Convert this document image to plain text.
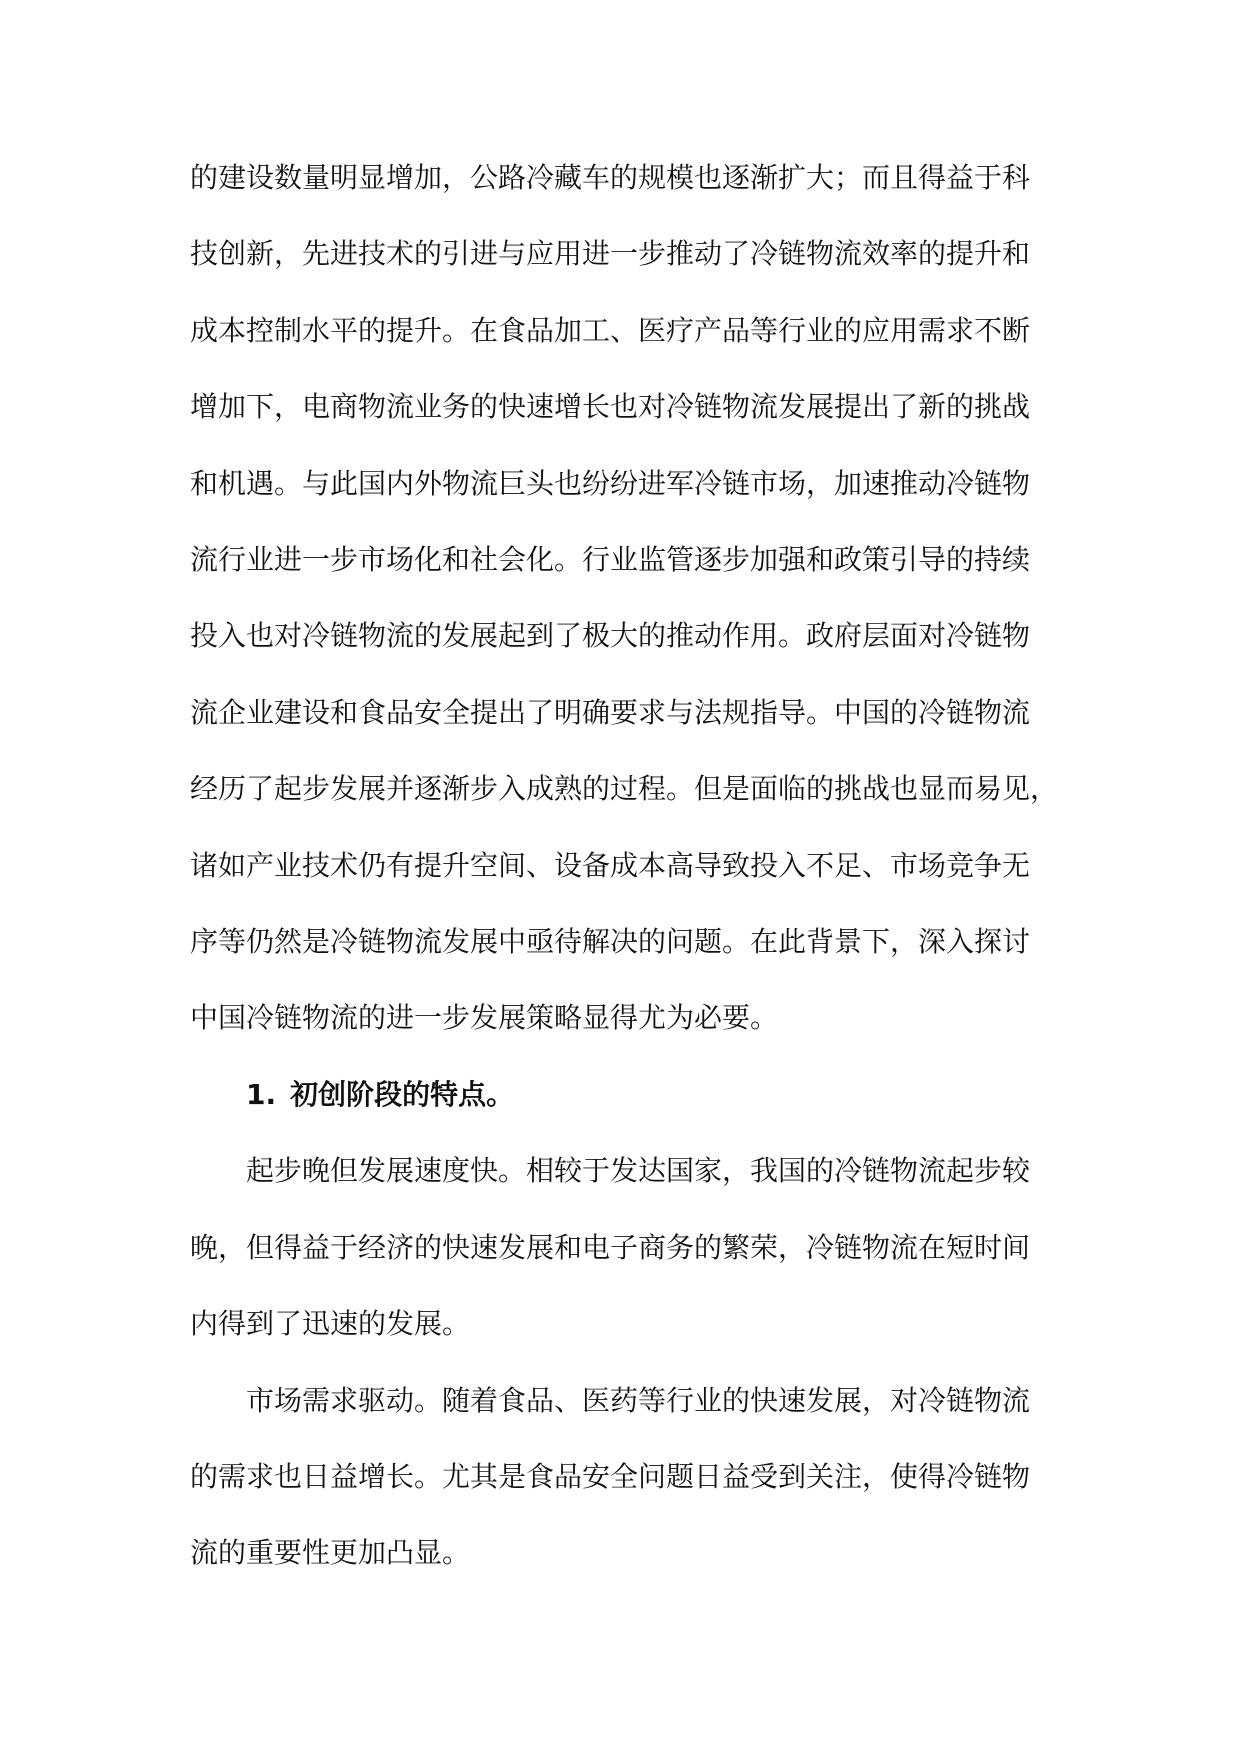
的建设数量明显增加，公路冷藏车的规模也逐渐扩大；而且得益于科
技创新，先进技术的引进与应用进一步推动了冷链物流效率的提升和
成本控制水平的提升。在食品加工、医疗产品等行业的应用需求不断
增加下，电商物流业务的快速增长也对冷链物流发展提出了新的挑战
和机遇。与此国内外物流巨头也纷纷进军冷链市场，加速推动冷链物
流行业进一步市场化和社会化。行业监管逐步加强和政策引导的持续
投入也对冷链物流的发展起到了极大的推动作用。政府层面对冷链物
流企业建设和食品安全提出了明确要求与法规指导。中国的冷链物流
经历了起步发展并逐渐步入成熟的过程。但是面临的挑战也显而易见，
诸如产业技术仍有提升空间、设备成本高导致投入不足、市场竞争无
序等仍然是冷链物流发展中亟待解决的问题。在此背景下，深入探讨
中国冷链物流的进一步发展策略显得尤为必要。

1. 初创阶段的特点。

起步晚但发展速度快。相较于发达国家，我国的冷链物流起步较
晚，但得益于经济的快速发展和电子商务的繁荣，冷链物流在短时间
内得到了迅速的发展。

市场需求驱动。随着食品、医药等行业的快速发展，对冷链物流
的需求也日益增长。尤其是食品安全问题日益受到关注，使得冷链物
流的重要性更加凸显。
